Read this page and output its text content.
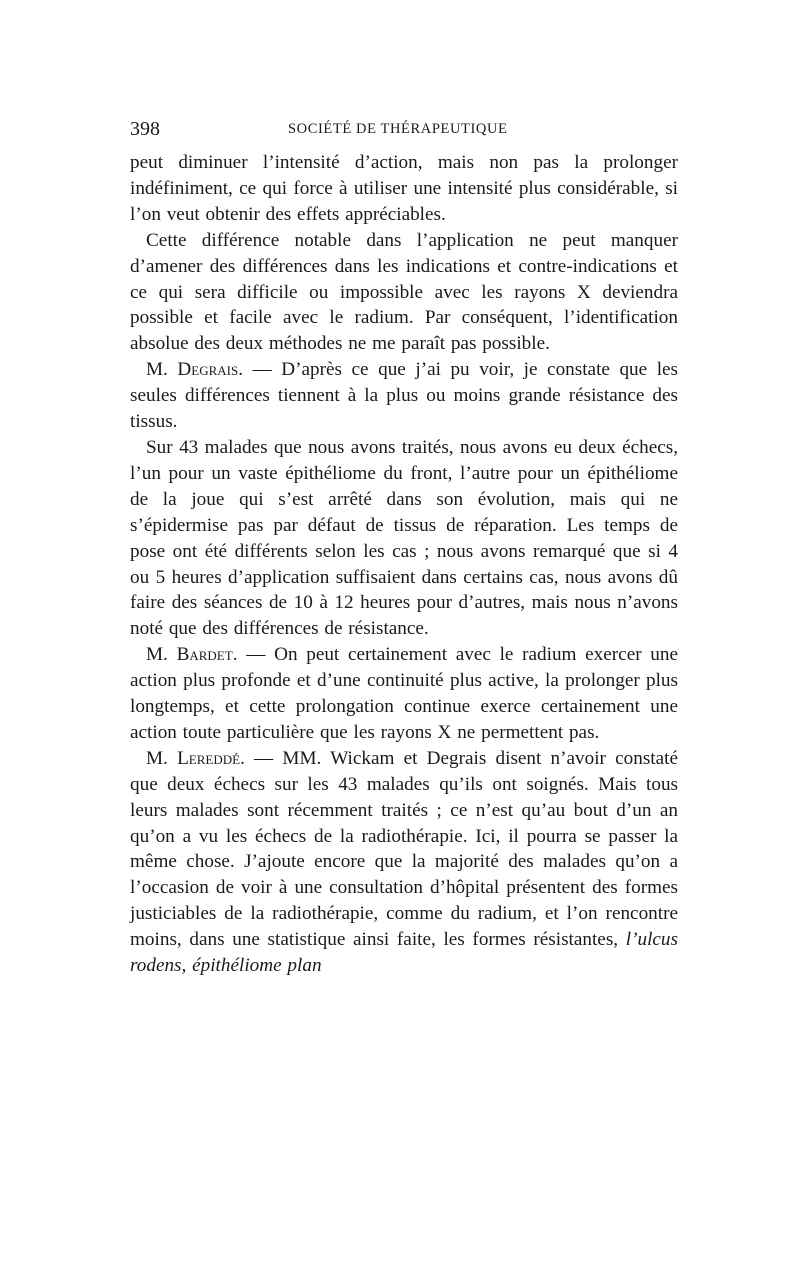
398	SOCIÉTÉ DE THÉRAPEUTIQUE

peut diminuer l’intensité d’action, mais non pas la prolonger indéfiniment, ce qui force à utiliser une intensité plus considérable, si l’on veut obtenir des effets appréciables.

Cette différence notable dans l’application ne peut manquer d’amener des différences dans les indications et contre-indications et ce qui sera difficile ou impossible avec les rayons X deviendra possible et facile avec le radium. Par conséquent, l’identification absolue des deux méthodes ne me paraît pas possible.

M. Degrais. — D’après ce que j’ai pu voir, je constate que les seules différences tiennent à la plus ou moins grande résistance des tissus.

Sur 43 malades que nous avons traités, nous avons eu deux échecs, l’un pour un vaste épithéliome du front, l’autre pour un épithéliome de la joue qui s’est arrêté dans son évolution, mais qui ne s’épidermise pas par défaut de tissus de réparation. Les temps de pose ont été différents selon les cas ; nous avons remarqué que si 4 ou 5 heures d’application suffisaient dans certains cas, nous avons dû faire des séances de 10 à 12 heures pour d’autres, mais nous n’avons noté que des différences de résistance.

M. Bardet. — On peut certainement avec le radium exercer une action plus profonde et d’une continuité plus active, la prolonger plus longtemps, et cette prolongation continue exerce certainement une action toute particulière que les rayons X ne permettent pas.

M. Lereddé. — MM. Wickam et Degrais disent n’avoir constaté que deux échecs sur les 43 malades qu’ils ont soignés. Mais tous leurs malades sont récemment traités ; ce n’est qu’au bout d’un an qu’on a vu les échecs de la radiothérapie. Ici, il pourra se passer la même chose. J’ajoute encore que la majorité des malades qu’on a l’occasion de voir à une consultation d’hôpital présentent des formes justiciables de la radiothérapie, comme du radium, et l’on rencontre moins, dans une statistique ainsi faite, les formes résistantes, l’ulcus rodens, épithéliome plan
